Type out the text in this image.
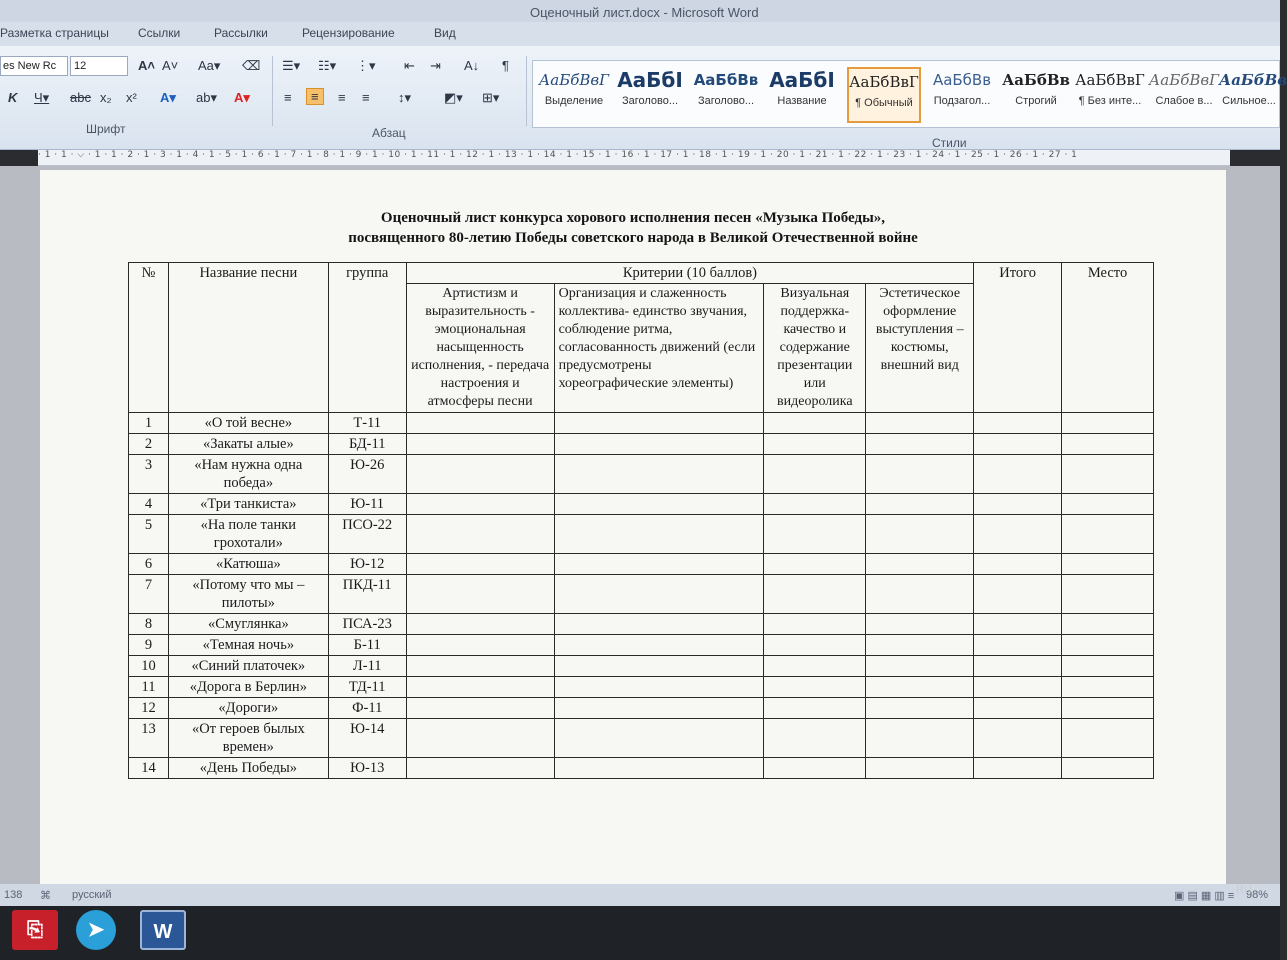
Оценочный лист.docx - Microsoft Word
Разметка страницы Ссылки	Рассылки	Рецензирование	Вид
es New Rc	12	A˄ A˅ Aa▾ ⌫
K Ч▾ abc x₂ x² A▾ ab▾ A▾
Шрифт
☰▾ ☷▾ ⋮▾ ⇤ ⇥ A↓ ¶
≡	≡	≡ ≡ ↕▾	◩▾ ⊞▾
Абзац
АаБбВвГ
Выделение
АаБбI
Заголово...
АаБбВв
Заголово...
АаБбI
Название
АаБбВвГ
¶ Обычный
АаБбВв
Подзагол...
АаБбВв
Строгий
АаБбВвГ
¶ Без инте...
АаБбВвГ
Слабое в...
АаБбВв
Сильное...
Стили
· 1 · 1 · ⌵ · 1 · 1 · 2 · 1 · 3 · 1 · 4 · 1 · 5 · 1 · 6 · 1 · 7 · 1 · 8 · 1 · 9 · 1 · 10 · 1 · 11 · 1 · 12 · 1 · 13 · 1 · 14 · 1 · 15 · 1 · 16 · 1 · 17 · 1 · 18 · 1 · 19 · 1 · 20 · 1 · 21 · 1 · 22 · 1 · 23 · 1 · 24 · 1 · 25 · 1 · 26 · 1 · 27 · 1
Оценочный лист конкурса хорового исполнения песен «Музыка Победы»,
посвященного 80-летию Победы советского народа в Великой Отечественной войне
№	Название песни	группа	Критерии (10 баллов)				Итого	Место
			Артистизм и выразительность - эмоциональная насыщенность исполнения, - передача настроения и атмосферы песни	Организация и слаженность коллектива- единство звучания, соблюдение ритма, согласованность движений (если предусмотрены хореографические элементы)	Визуальная поддержка- качество и содержание презентации или видеоролика	Эстетическое оформление выступления – костюмы, внешний вид		
1	«О той весне»	Т-11						
2	«Закаты алые»	БД-11						
3	«Нам нужна одна победа»	Ю-26						
4	«Три танкиста»	Ю-11						
5	«На поле танки грохотали»	ПСО-22						
6	«Катюша»	Ю-12						
7	«Потому что мы – пилоты»	ПКД-11						
8	«Смуглянка»	ПСА-23						
9	«Темная ночь»	Б-11						
10	«Синий платочек»	Л-11						
11	«Дорога в Берлин»	ТД-11						
12	«Дороги»	Ф-11						
13	«От героев былых времен»	Ю-14						
14	«День Победы»	Ю-13						
138 ⌘ русский	▣ ▤ ▦ ▥ ≡ 98%
⎘	➤	W
RU
